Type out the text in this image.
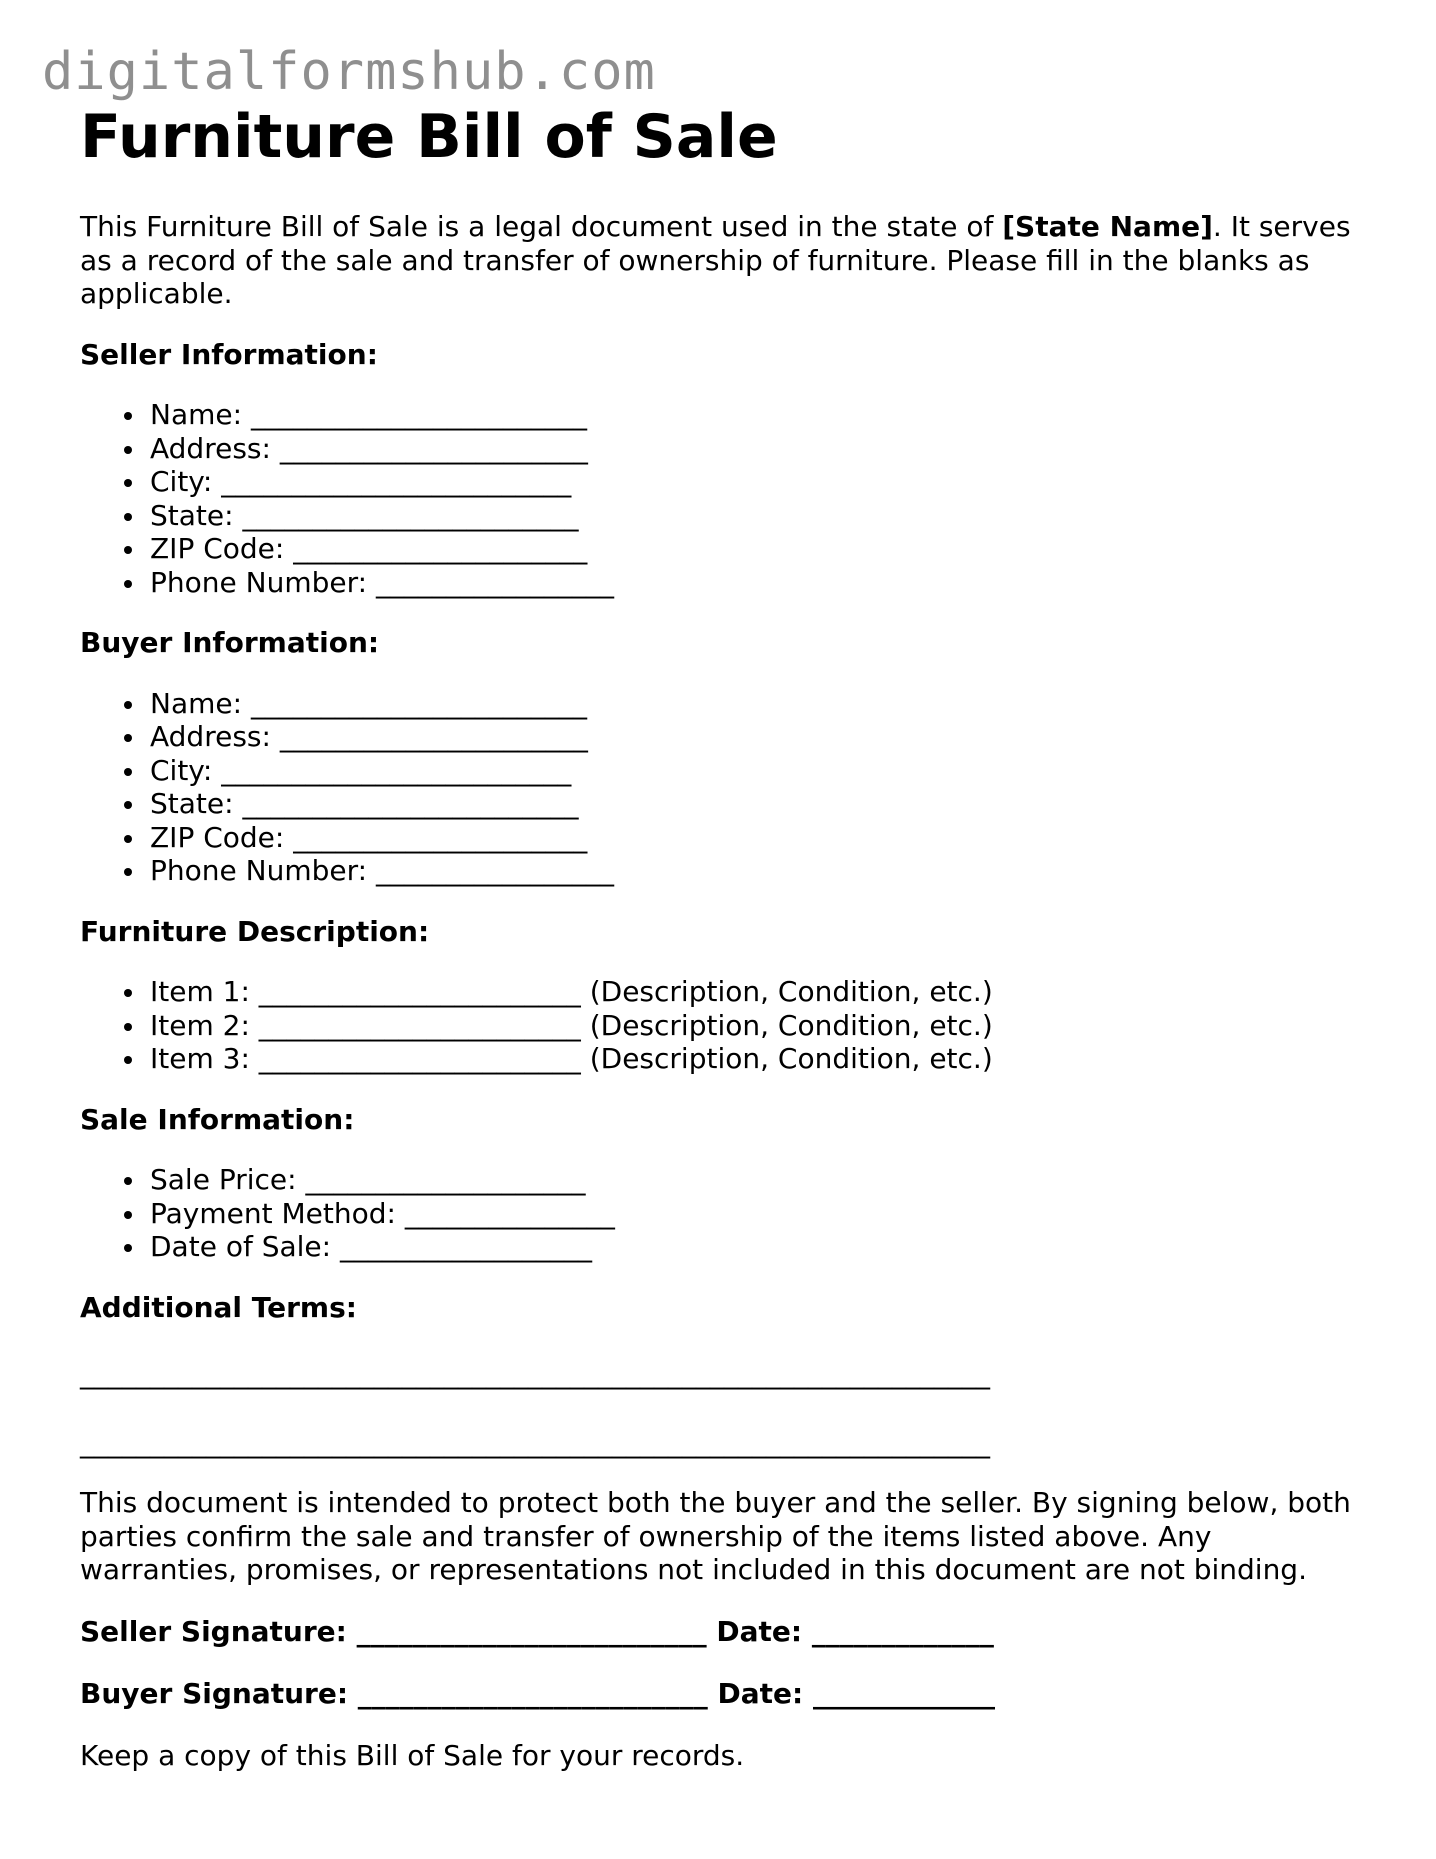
digitalformshub.com
Furniture Bill of Sale

This Furniture Bill of Sale is a legal document used in the state of [State Name]. It serves as a record of the sale and transfer of ownership of furniture. Please fill in the blanks as applicable.

Seller Information:

Name: ________________________
Address: ______________________
City: _________________________
State: ________________________
ZIP Code: _____________________
Phone Number: _________________

Buyer Information:

Name: ________________________
Address: ______________________
City: _________________________
State: ________________________
ZIP Code: _____________________
Phone Number: _________________

Furniture Description:

Item 1: _______________________ (Description, Condition, etc.)
Item 2: _______________________ (Description, Condition, etc.)
Item 3: _______________________ (Description, Condition, etc.)

Sale Information:

Sale Price: ____________________
Payment Method: _______________
Date of Sale: __________________

Additional Terms:

_________________________________________________________________

_________________________________________________________________

This document is intended to protect both the buyer and the seller. By signing below, both parties confirm the sale and transfer of ownership of the items listed above. Any warranties, promises, or representations not included in this document are not binding.

Seller Signature: _________________________ Date: _____________

Buyer Signature: _________________________ Date: _____________

Keep a copy of this Bill of Sale for your records.
